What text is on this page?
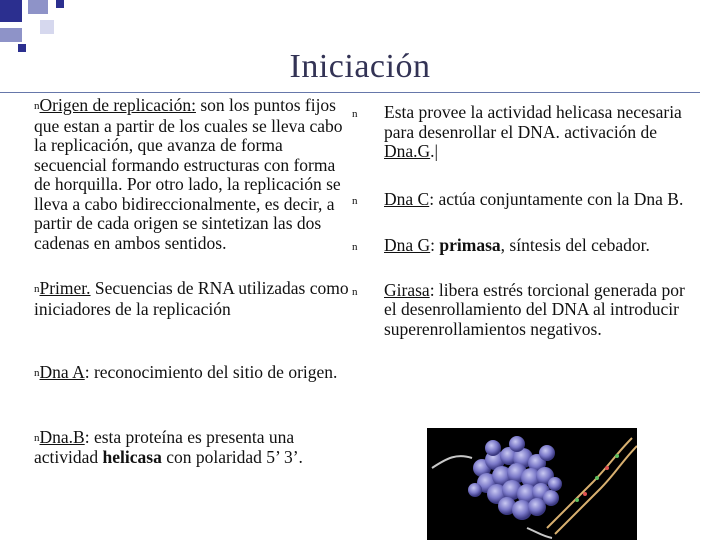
Iniciación

nOrigen de replicación: son los puntos fijos que estan a partir de los cuales se lleva cabo la replicación, que avanza de forma secuencial formando estructuras con forma de horquilla. Por otro lado, la replicación se lleva a cabo bidireccionalmente, es decir, a partir de cada origen se sintetizan las dos cadenas en ambos sentidos.

nPrimer. Secuencias de RNA utilizadas como iniciadores de la replicación

nDna A: reconocimiento del sitio de origen.

nDna.B: esta proteína es presenta una actividad helicasa con polaridad 5’ 3’.

n Esta provee la actividad helicasa necesaria para desenrollar el DNA. activación de Dna.G.|
n Dna C: actúa conjuntamente con la Dna B.
n Dna G: primasa, síntesis del cebador.
n Girasa: libera estrés torcional generada por el desenrollamiento del DNA al introducir superenrollamientos negativos.
